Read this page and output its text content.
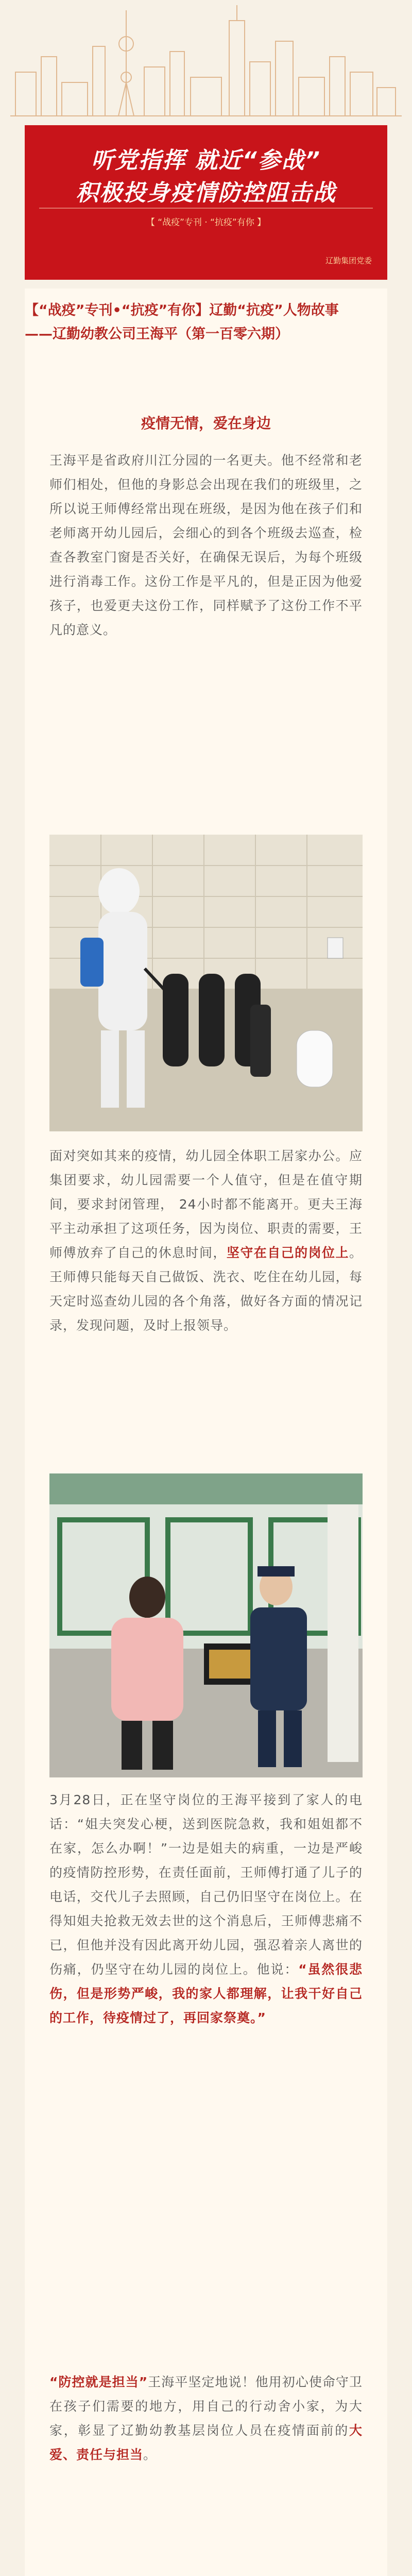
听党指挥 就近“参战”
积极投身疫情防控阻击战
【 “战疫”专刊 · “抗疫”有你 】
辽勤集团党委
【“战疫”专刊•“抗疫”有你】辽勤“抗疫”人物故事——辽勤幼教公司王海平（第一百零六期）
疫情无情，爱在身边
王海平是省政府川江分园的一名更夫。他不经常和老师们相处，但他的身影总会出现在我们的班级里，之所以说王师傅经常出现在班级，是因为他在孩子们和老师离开幼儿园后，会细心的到各个班级去巡查，检查各教室门窗是否关好，在确保无误后，为每个班级进行消毒工作。这份工作是平凡的，但是正因为他爱孩子，也爱更夫这份工作，同样赋予了这份工作不平凡的意义。
面对突如其来的疫情，幼儿园全体职工居家办公。应集团要求，幼儿园需要一个人值守，但是在值守期间，要求封闭管理， 24小时都不能离开。更夫王海平主动承担了这项任务，因为岗位、职责的需要，王师傅放弃了自己的休息时间，坚守在自己的岗位上。王师傅只能每天自己做饭、洗衣、吃住在幼儿园，每天定时巡查幼儿园的各个角落，做好各方面的情况记录，发现问题，及时上报领导。
3月28日，正在坚守岗位的王海平接到了家人的电话：“姐夫突发心梗，送到医院急救，我和姐姐都不在家，怎么办啊！”一边是姐夫的病重，一边是严峻的疫情防控形势，在责任面前，王师傅打通了儿子的电话，交代儿子去照顾，自己仍旧坚守在岗位上。在得知姐夫抢救无效去世的这个消息后，王师傅悲痛不已，但他并没有因此离开幼儿园，强忍着亲人离世的伤痛，仍坚守在幼儿园的岗位上。他说：“虽然很悲伤，但是形势严峻，我的家人都理解，让我干好自己的工作，待疫情过了，再回家祭奠。”
“防控就是担当”王海平坚定地说！他用初心使命守卫在孩子们需要的地方，用自己的行动舍小家，为大家，彰显了辽勤幼教基层岗位人员在疫情面前的大爱、责任与担当。
